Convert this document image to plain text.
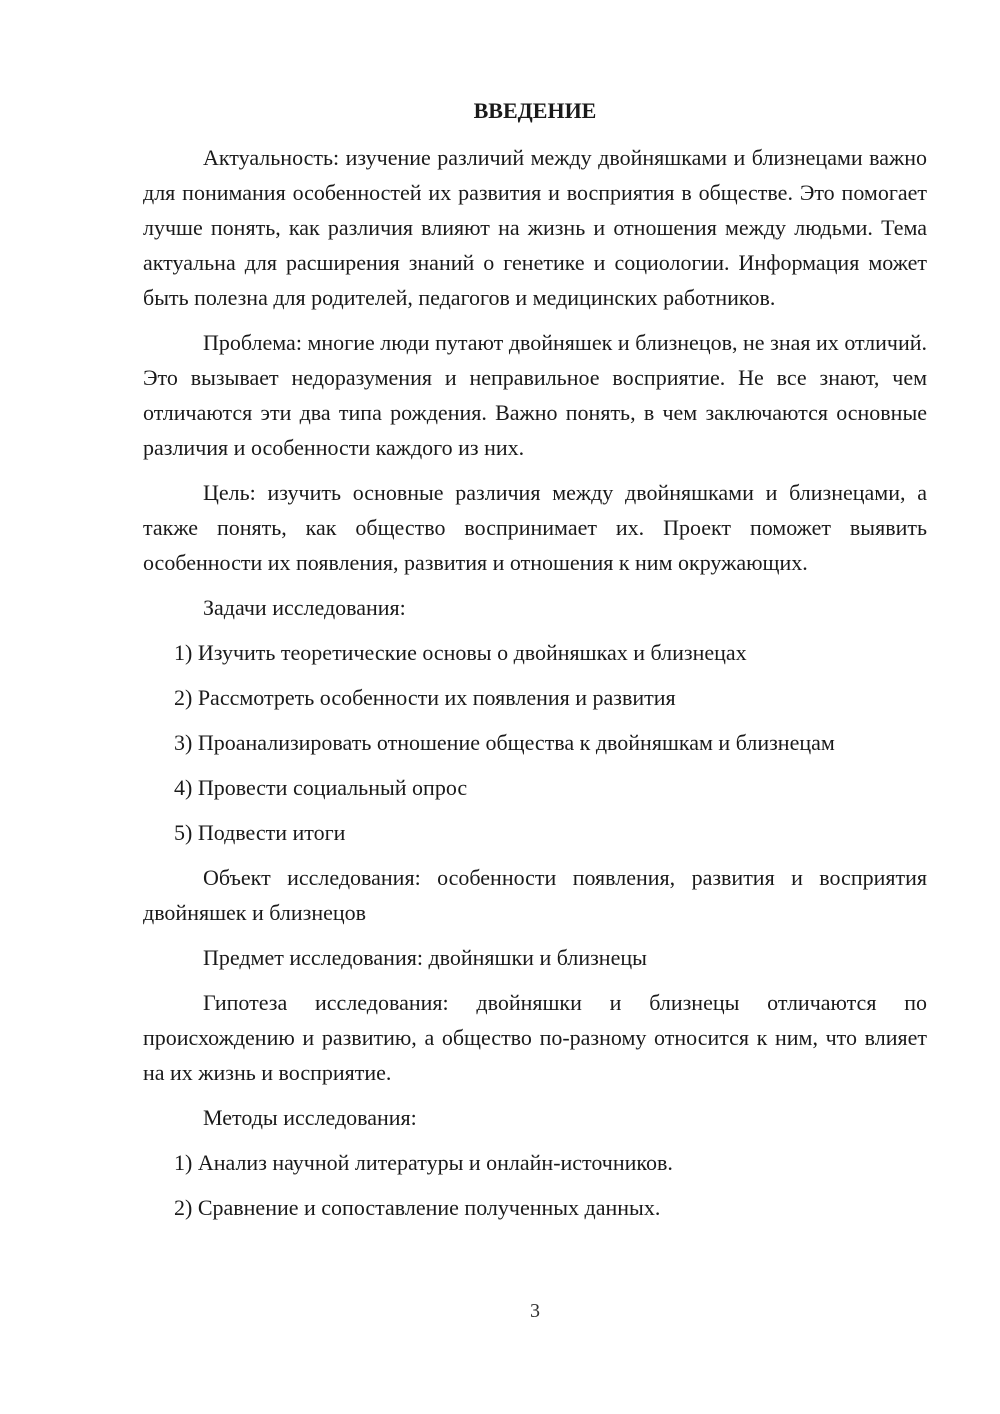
ВВЕДЕНИЕ

Актуальность: изучение различий между двойняшками и близнецами важно для понимания особенностей их развития и восприятия в обществе. Это помогает лучше понять, как различия влияют на жизнь и отношения между людьми. Тема актуальна для расширения знаний о генетике и социологии. Информация может быть полезна для родителей, педагогов и медицинских работников.

Проблема: многие люди путают двойняшек и близнецов, не зная их отличий. Это вызывает недоразумения и неправильное восприятие. Не все знают, чем отличаются эти два типа рождения. Важно понять, в чем заключаются основные различия и особенности каждого из них.

Цель: изучить основные различия между двойняшками и близнецами, а также понять, как общество воспринимает их. Проект поможет выявить особенности их появления, развития и отношения к ним окружающих.

Задачи исследования:

1) Изучить теоретические основы о двойняшках и близнецах

2) Рассмотреть особенности их появления и развития

3) Проанализировать отношение общества к двойняшкам и близнецам

4) Провести социальный опрос

5) Подвести итоги

Объект исследования: особенности появления, развития и восприятия двойняшек и близнецов

Предмет исследования: двойняшки и близнецы

Гипотеза исследования: двойняшки и близнецы отличаются по происхождению и развитию, а общество по-разному относится к ним, что влияет на их жизнь и восприятие.

Методы исследования:

1) Анализ научной литературы и онлайн-источников.

2) Сравнение и сопоставление полученных данных.

3
